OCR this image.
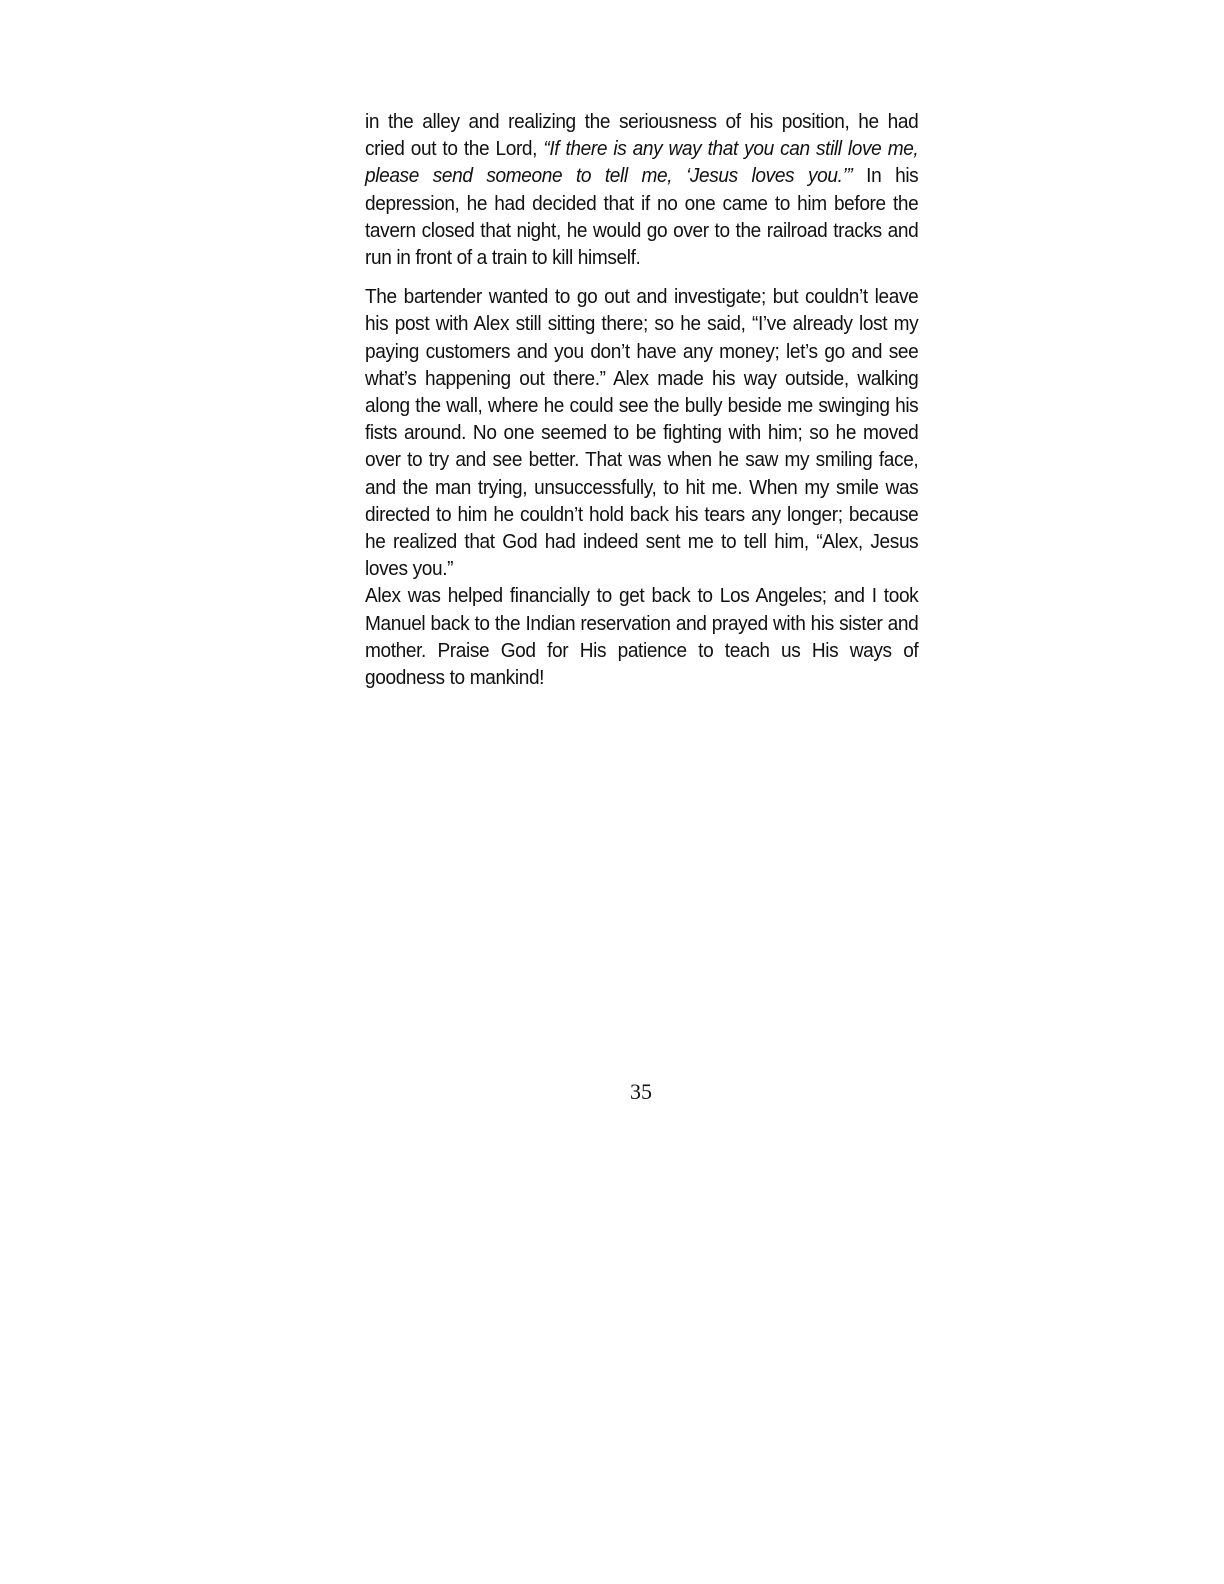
in the alley and realizing the seriousness of his position, he had cried out to the Lord, “If there is any way that you can still love me, please send someone to tell me, ‘Jesus loves you.’” In his depression, he had decided that if no one came to him before the tavern closed that night, he would go over to the railroad tracks and run in front of a train to kill himself.

The bartender wanted to go out and investigate; but couldn’t leave his post with Alex still sitting there; so he said, “I’ve already lost my paying customers and you don’t have any money; let’s go and see what’s happening out there.” Alex made his way outside, walking along the wall, where he could see the bully beside me swinging his fists around. No one seemed to be fighting with him; so he moved over to try and see better. That was when he saw my smiling face, and the man trying, unsuccessfully, to hit me. When my smile was directed to him he couldn’t hold back his tears any longer; because he realized that God had indeed sent me to tell him, “Alex, Jesus loves you.”

Alex was helped financially to get back to Los Angeles; and I took Manuel back to the Indian reservation and prayed with his sister and mother. Praise God for His patience to teach us His ways of goodness to mankind!

35
